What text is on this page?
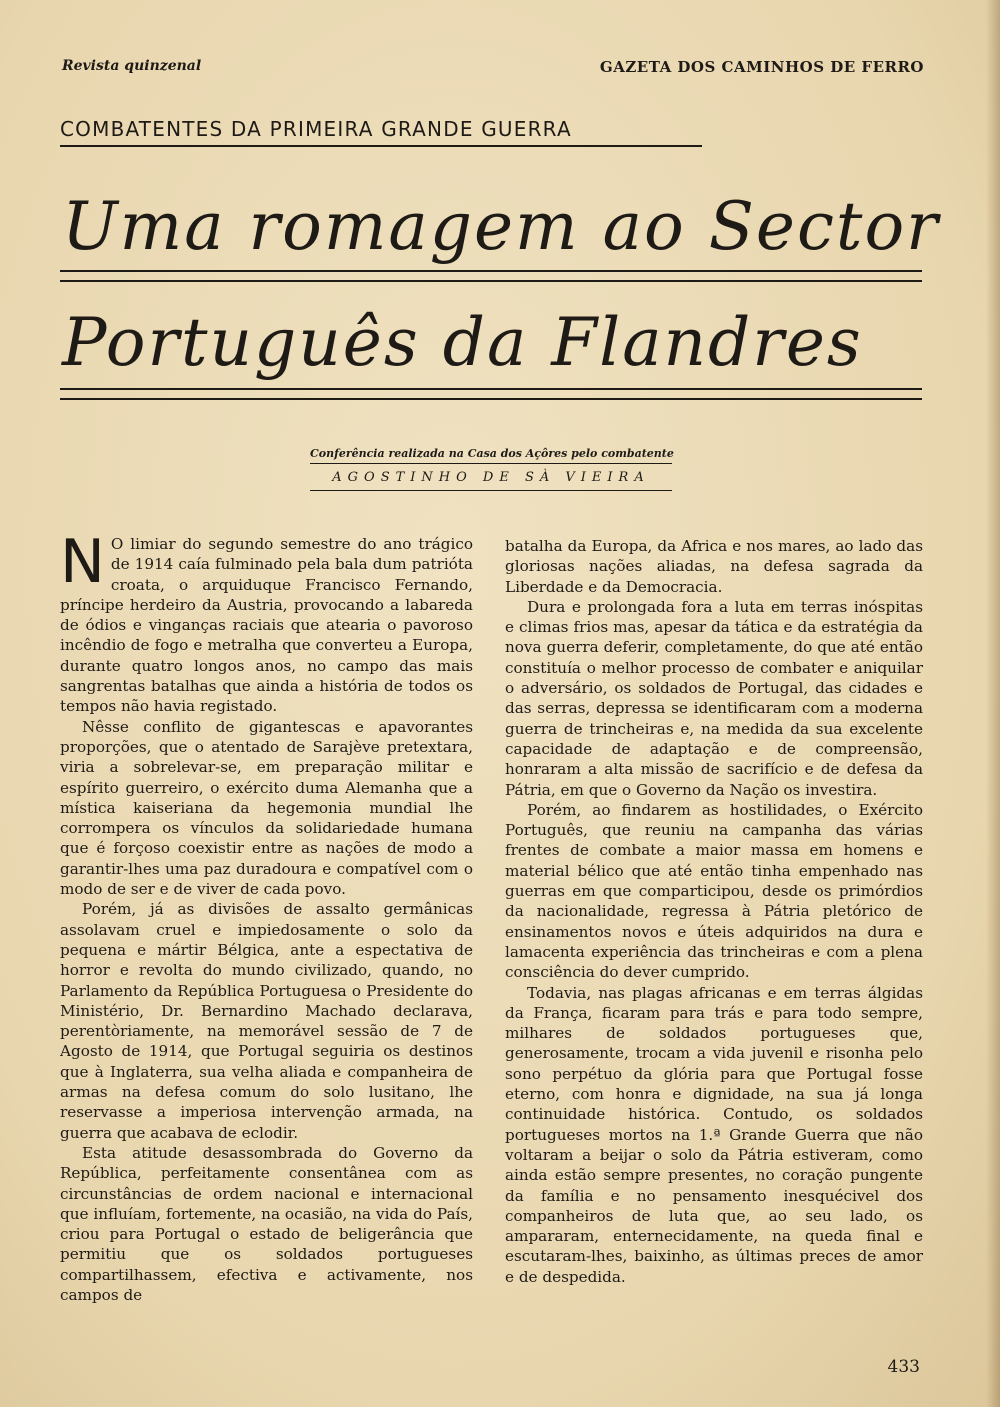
Revista quinzenal	GAZETA DOS CAMINHOS DE FERRO
COMBATENTES DA PRIMEIRA GRANDE GUERRA
Uma romagem ao Sector
Português da Flandres
Conferência realizada na Casa dos Açôres pelo combatente
AGOSTINHO DE SÀ VIEIRA

N O limiar do segundo semestre do ano trágico de 1914 caía fulminado pela bala dum patrióta croata, o arquiduque Francisco Fernando, príncipe herdeiro da Austria, provocando a labareda de ódios e vinganças raciais que atearia o pavoroso incêndio de fogo e metralha que converteu a Europa, durante quatro longos anos, no campo das mais sangrentas batalhas que ainda a história de todos os tempos não havia registado.

Nêsse conflito de gigantescas e apavorantes proporções, que o atentado de Sarajève pretextara, viria a sobrelevar-se, em preparação militar e espírito guerreiro, o exército duma Alemanha que a mística kaiseriana da hegemonia mundial lhe corrompera os vínculos da solidariedade humana que é forçoso coexistir entre as nações de modo a garantir-lhes uma paz duradoura e compatível com o modo de ser e de viver de cada povo.

Porém, já as divisões de assalto germânicas assolavam cruel e impiedosamente o solo da pequena e mártir Bélgica, ante a espectativa de horror e revolta do mundo civilizado, quando, no Parlamento da República Portuguesa o Presidente do Ministério, Dr. Bernardino Machado declarava, perentòriamente, na memorável sessão de 7 de Agosto de 1914, que Portugal seguiria os destinos que à Inglaterra, sua velha aliada e companheira de armas na defesa comum do solo lusitano, lhe reservasse a imperiosa intervenção armada, na guerra que acabava de eclodir.

Esta atitude desassombrada do Governo da República, perfeitamente consentânea com as circunstâncias de ordem nacional e internacional que influíam, fortemente, na ocasião, na vida do País, criou para Portugal o estado de beligerância que permitiu que os soldados portugueses compartilhassem, efectiva e activamente, nos campos de

batalha da Europa, da Africa e nos mares, ao lado das gloriosas nações aliadas, na defesa sagrada da Liberdade e da Democracia.

Dura e prolongada fora a luta em terras inóspitas e climas frios mas, apesar da tática e da estratégia da nova guerra deferir, completamente, do que até então constituía o melhor processo de combater e aniquilar o adversário, os soldados de Portugal, das cidades e das serras, depressa se identificaram com a moderna guerra de trincheiras e, na medida da sua excelente capacidade de adaptação e de compreensão, honraram a alta missão de sacrifício e de defesa da Pátria, em que o Governo da Nação os investira.

Porém, ao findarem as hostilidades, o Exército Português, que reuniu na campanha das várias frentes de combate a maior massa em homens e material bélico que até então tinha empenhado nas guerras em que comparticipou, desde os primórdios da nacionalidade, regressa à Pátria pletórico de ensinamentos novos e úteis adquiridos na dura e lamacenta experiência das trincheiras e com a plena consciência do dever cumprido.

Todavia, nas plagas africanas e em terras álgidas da França, ficaram para trás e para todo sempre, milhares de soldados portugueses que, generosamente, trocam a vida juvenil e risonha pelo sono perpétuo da glória para que Portugal fosse eterno, com honra e dignidade, na sua já longa continuidade histórica. Contudo, os soldados portugueses mortos na 1.ª Grande Guerra que não voltaram a beijar o solo da Pátria estiveram, como ainda estão sempre presentes, no coração pungente da família e no pensamento inesquécivel dos companheiros de luta que, ao seu lado, os ampararam, enternecidamente, na queda final e escutaram-lhes, baixinho, as últimas preces de amor e de despedida.

433
